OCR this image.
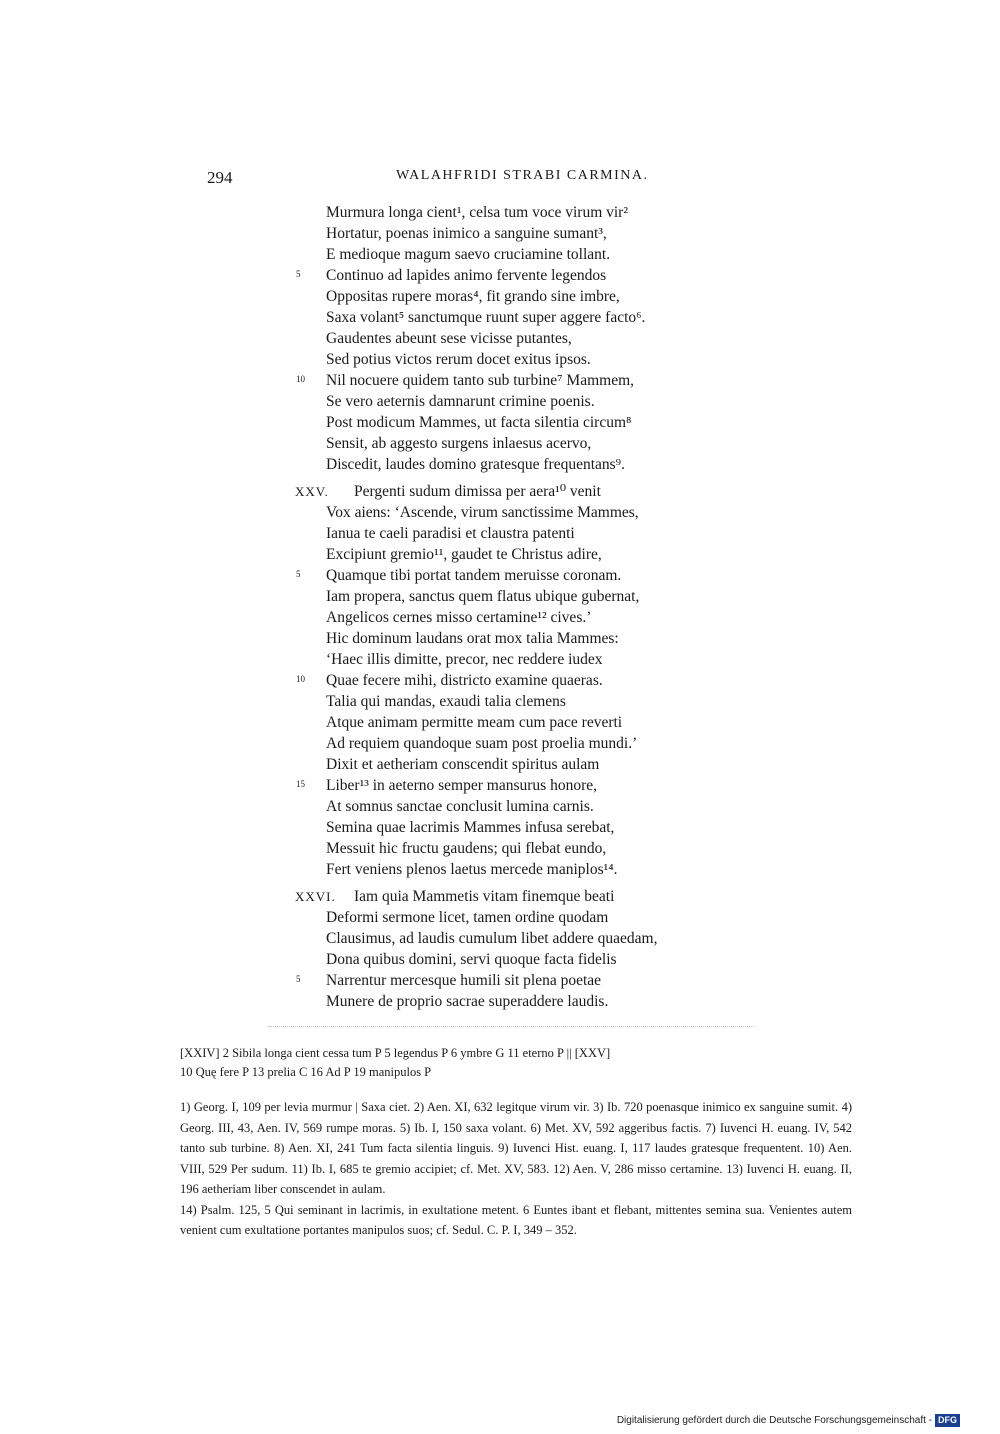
294	WALAHFRIDI STRABI CARMINA.
Murmura longa cient¹, celsa tum voce virum vir²
Hortatur, poenas inimico a sanguine sumant³,
E medioque magum saevo cruciamine tollant.
5 Continuo ad lapides animo fervente legendos
Oppositas rupere moras⁴, fit grando sine imbre,
Saxa volant⁵ sanctumque ruunt super aggere facto⁶.
Gaudentes abeunt sese vicisse putantes,
Sed potius victos rerum docet exitus ipsos.
10 Nil nocuere quidem tanto sub turbine⁷ Mammem,
Se vero aeternis damnarunt crimine poenis.
Post modicum Mammes, ut facta silentia circum⁸
Sensit, ab aggesto surgens inlaesus acervo,
Discedit, laudes domino gratesque frequentans⁹.
XXV. Pergenti sudum dimissa per aera¹⁰ venit
Vox aiens: ‘Ascende, virum sanctissime Mammes,
Ianua te caeli paradisi et claustra patenti
Excipiunt gremio¹¹, gaudet te Christus adire,
5 Quamque tibi portat tandem meruisse coronam.
Iam propera, sanctus quem flatus ubique gubernat,
Angelicos cernes misso certamine¹² cives.’
Hic dominum laudans orat mox talia Mammes:
‘Haec illis dimitte, precor, nec reddere iudex
10 Quae fecere mihi, districto examine quaeras.
Talia qui mandas, exaudi talia clemens
Atque animam permitte meam cum pace reverti
Ad requiem quandoque suam post proelia mundi.’
Dixit et aetheriam conscendit spiritus aulam
15 Liber¹³ in aeterno semper mansurus honore,
At somnus sanctae conclusit lumina carnis.
Semina quae lacrimis Mammes infusa serebat,
Messuit hic fructu gaudens; qui flebat eundo,
Fert veniens plenos laetus mercede maniplos¹⁴.
XXVI. Iam quia Mammetis vitam finemque beati
Deformi sermone licet, tamen ordine quodam
Clausimus, ad laudis cumulum libet addere quaedam,
Dona quibus domini, servi quoque facta fidelis
5 Narrentur mercesque humili sit plena poetae
Munere de proprio sacrae superaddere laudis.
[XXIV] 2 Sibila longa cient cessa tum P 5 legendus P 6 ymbre G 11 eterno P || [XXV]
10 Quę fere P 13 prelia C 16 Ad P 19 manipulos P

1) Georg. I, 109 per levia murmur | Saxa ciet. 2) Aen. XI, 632 legitque virum vir. 3) Ib. 720 poenasque inimico ex sanguine sumit. 4) Georg. III, 43, Aen. IV, 569 rumpe moras. 5) Ib. I, 150 saxa volant. 6) Met. XV, 592 aggeribus factis. 7) Iuvenci H. euang. IV, 542 tanto sub turbine. 8) Aen. XI, 241 Tum facta silentia linguis. 9) Iuvenci Hist. euang. I, 117 laudes gratesque frequentent. 10) Aen. VIII, 529 Per sudum. 11) Ib. I, 685 te gremio accipiet; cf. Met. XV, 583. 12) Aen. V, 286 misso certamine. 13) Iuvenci H. euang. II, 196 aetheriam liber conscendet in aulam.

14) Psalm. 125, 5 Qui seminant in lacrimis, in exultatione metent. 6 Euntes ibant et flebant, mittentes semina sua. Venientes autem venient cum exultatione portantes manipulos suos; cf. Sedul. C. P. I, 349 – 352.

Digitalisierung gefördert durch die Deutsche Forschungsgemeinschaft - DFG
